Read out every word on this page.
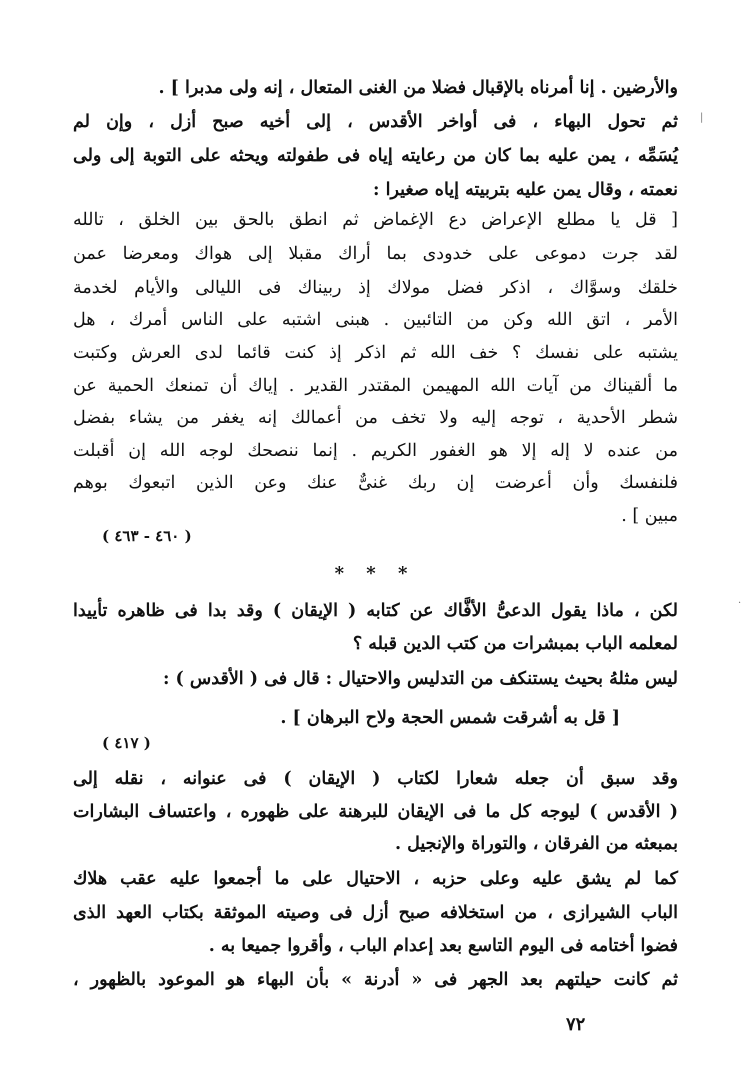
والأرضين . إنا أمرناه بالإقبال فضلا من الغنى المتعال ، إنه ولى مدبرا ] .
ثم تحول البهاء ، فى أواخر الأقدس ، إلى أخيه صبح أزل ، وإن لم
يُسَمِّه ، يمن عليه بما كان من رعايته إياه فى طفولته ويحثه على التوبة إلى ولى
نعمته ، وقال يمن عليه بتربيته إياه صغيرا :
[ قل يا مطلع الإعراض دع الإغماض ثم انطق بالحق بين الخلق ، تالله
لقد جرت دموعى على خدودى بما أراك مقبلا إلى هواك ومعرضا عمن
خلقك وسوَّاك ، اذكر فضل مولاك إذ ربيناك فى الليالى والأيام لخدمة
الأمر ، اتق الله وكن من التائبين . هبنى اشتبه على الناس أمرك ، هل
يشتبه على نفسك ؟ خف الله ثم اذكر إذ كنت قائما لدى العرش وكتبت
ما ألقيناك من آيات الله المهيمن المقتدر القدير . إياك أن تمنعك الحمية عن
شطر الأحدية ، توجه إليه ولا تخف من أعمالك إنه يغفر من يشاء بفضل
من عنده لا إله إلا هو الغفور الكريم . إنما ننصحك لوجه الله إن أقبلت
فلنفسك وأن أعرضت إن ربك غنىٌّ عنك وعن الذين اتبعوك بوهم
مبين ] .
( ٤٦٠ - ٤٦٣ )
* * *
لكن ، ماذا يقول الدعىُّ الأفَّاك عن كتابه ( الإيقان ) وقد بدا فى ظاهره تأييدا
لمعلمه الباب بمبشرات من كتب الدين قبله ؟
ليس مثلهُ بحيث يستنكف من التدليس والاحتيال : قال فى ( الأقدس ) :
[ قل به أشرقت شمس الحجة ولاح البرهان ] .
( ٤١٧ )
وقد سبق أن جعله شعارا لكتاب ( الإيقان ) فى عنوانه ، نقله إلى
( الأقدس ) ليوجه كل ما فى الإيقان للبرهنة على ظهوره ، واعتساف البشارات
بمبعثه من الفرقان ، والتوراة والإنجيل .
كما لم يشق عليه وعلى حزبه ، الاحتيال على ما أجمعوا عليه عقب هلاك
الباب الشيرازى ، من استخلافه صبح أزل فى وصيته الموثقة بكتاب العهد الذى
فضوا أختامه فى اليوم التاسع بعد إعدام الباب ، وأقروا جميعا به .
ثم كانت حيلتهم بعد الجهر فى « أدرنة » بأن البهاء هو الموعود بالظهور ،
٧٢
|
·
